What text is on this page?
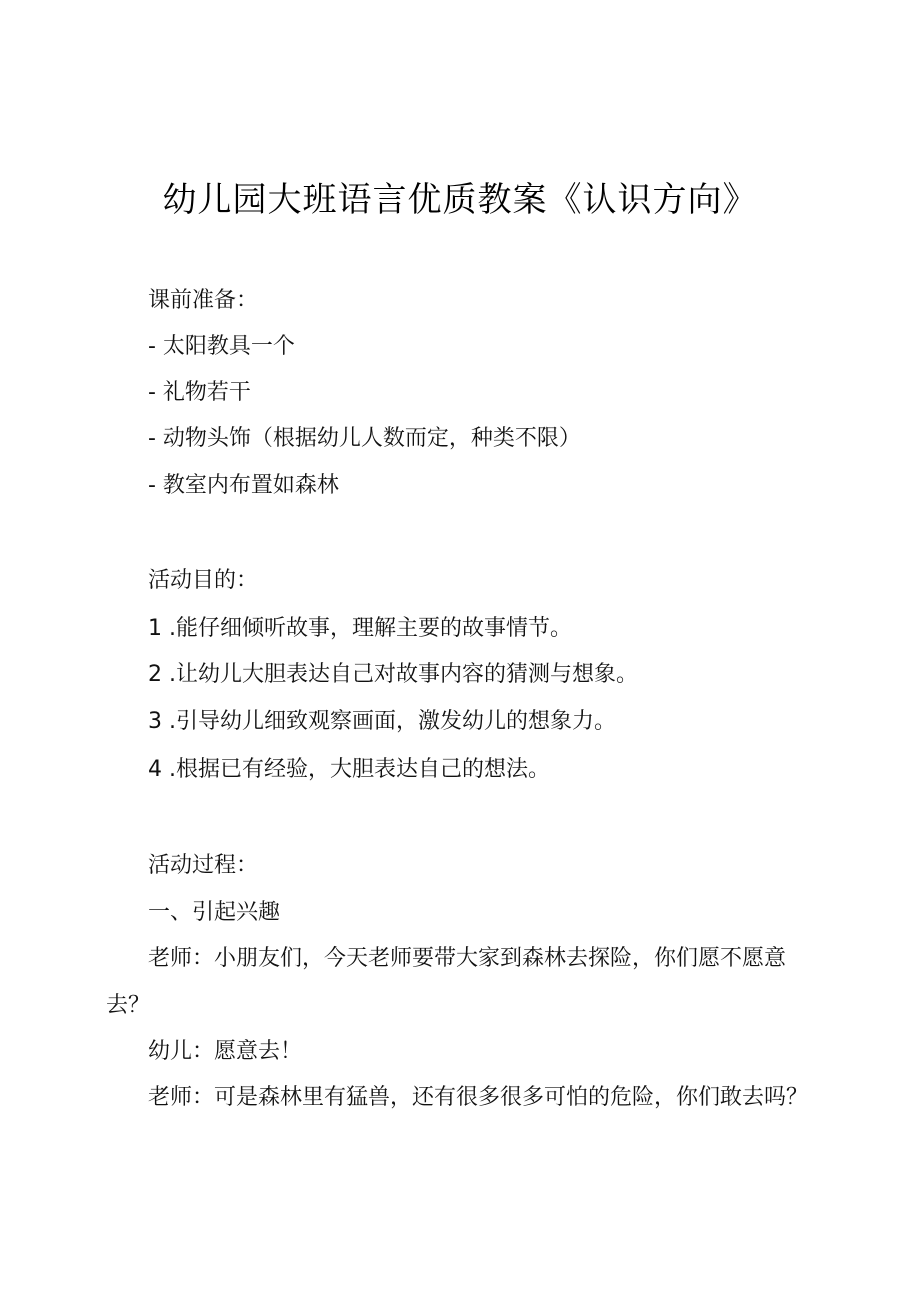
幼儿园大班语言优质教案《认识方向》
课前准备：
- 太阳教具一个
- 礼物若干
- 动物头饰（根据幼儿人数而定，种类不限）
- 教室内布置如森林
活动目的：
1 .能仔细倾听故事，理解主要的故事情节。
2 .让幼儿大胆表达自己对故事内容的猜测与想象。
3 .引导幼儿细致观察画面，激发幼儿的想象力。
4 .根据已有经验，大胆表达自己的想法。
活动过程：
一、引起兴趣
老师：小朋友们，今天老师要带大家到森林去探险，你们愿不愿意
去？
幼儿：愿意去！
老师：可是森林里有猛兽，还有很多很多可怕的危险，你们敢去吗？
